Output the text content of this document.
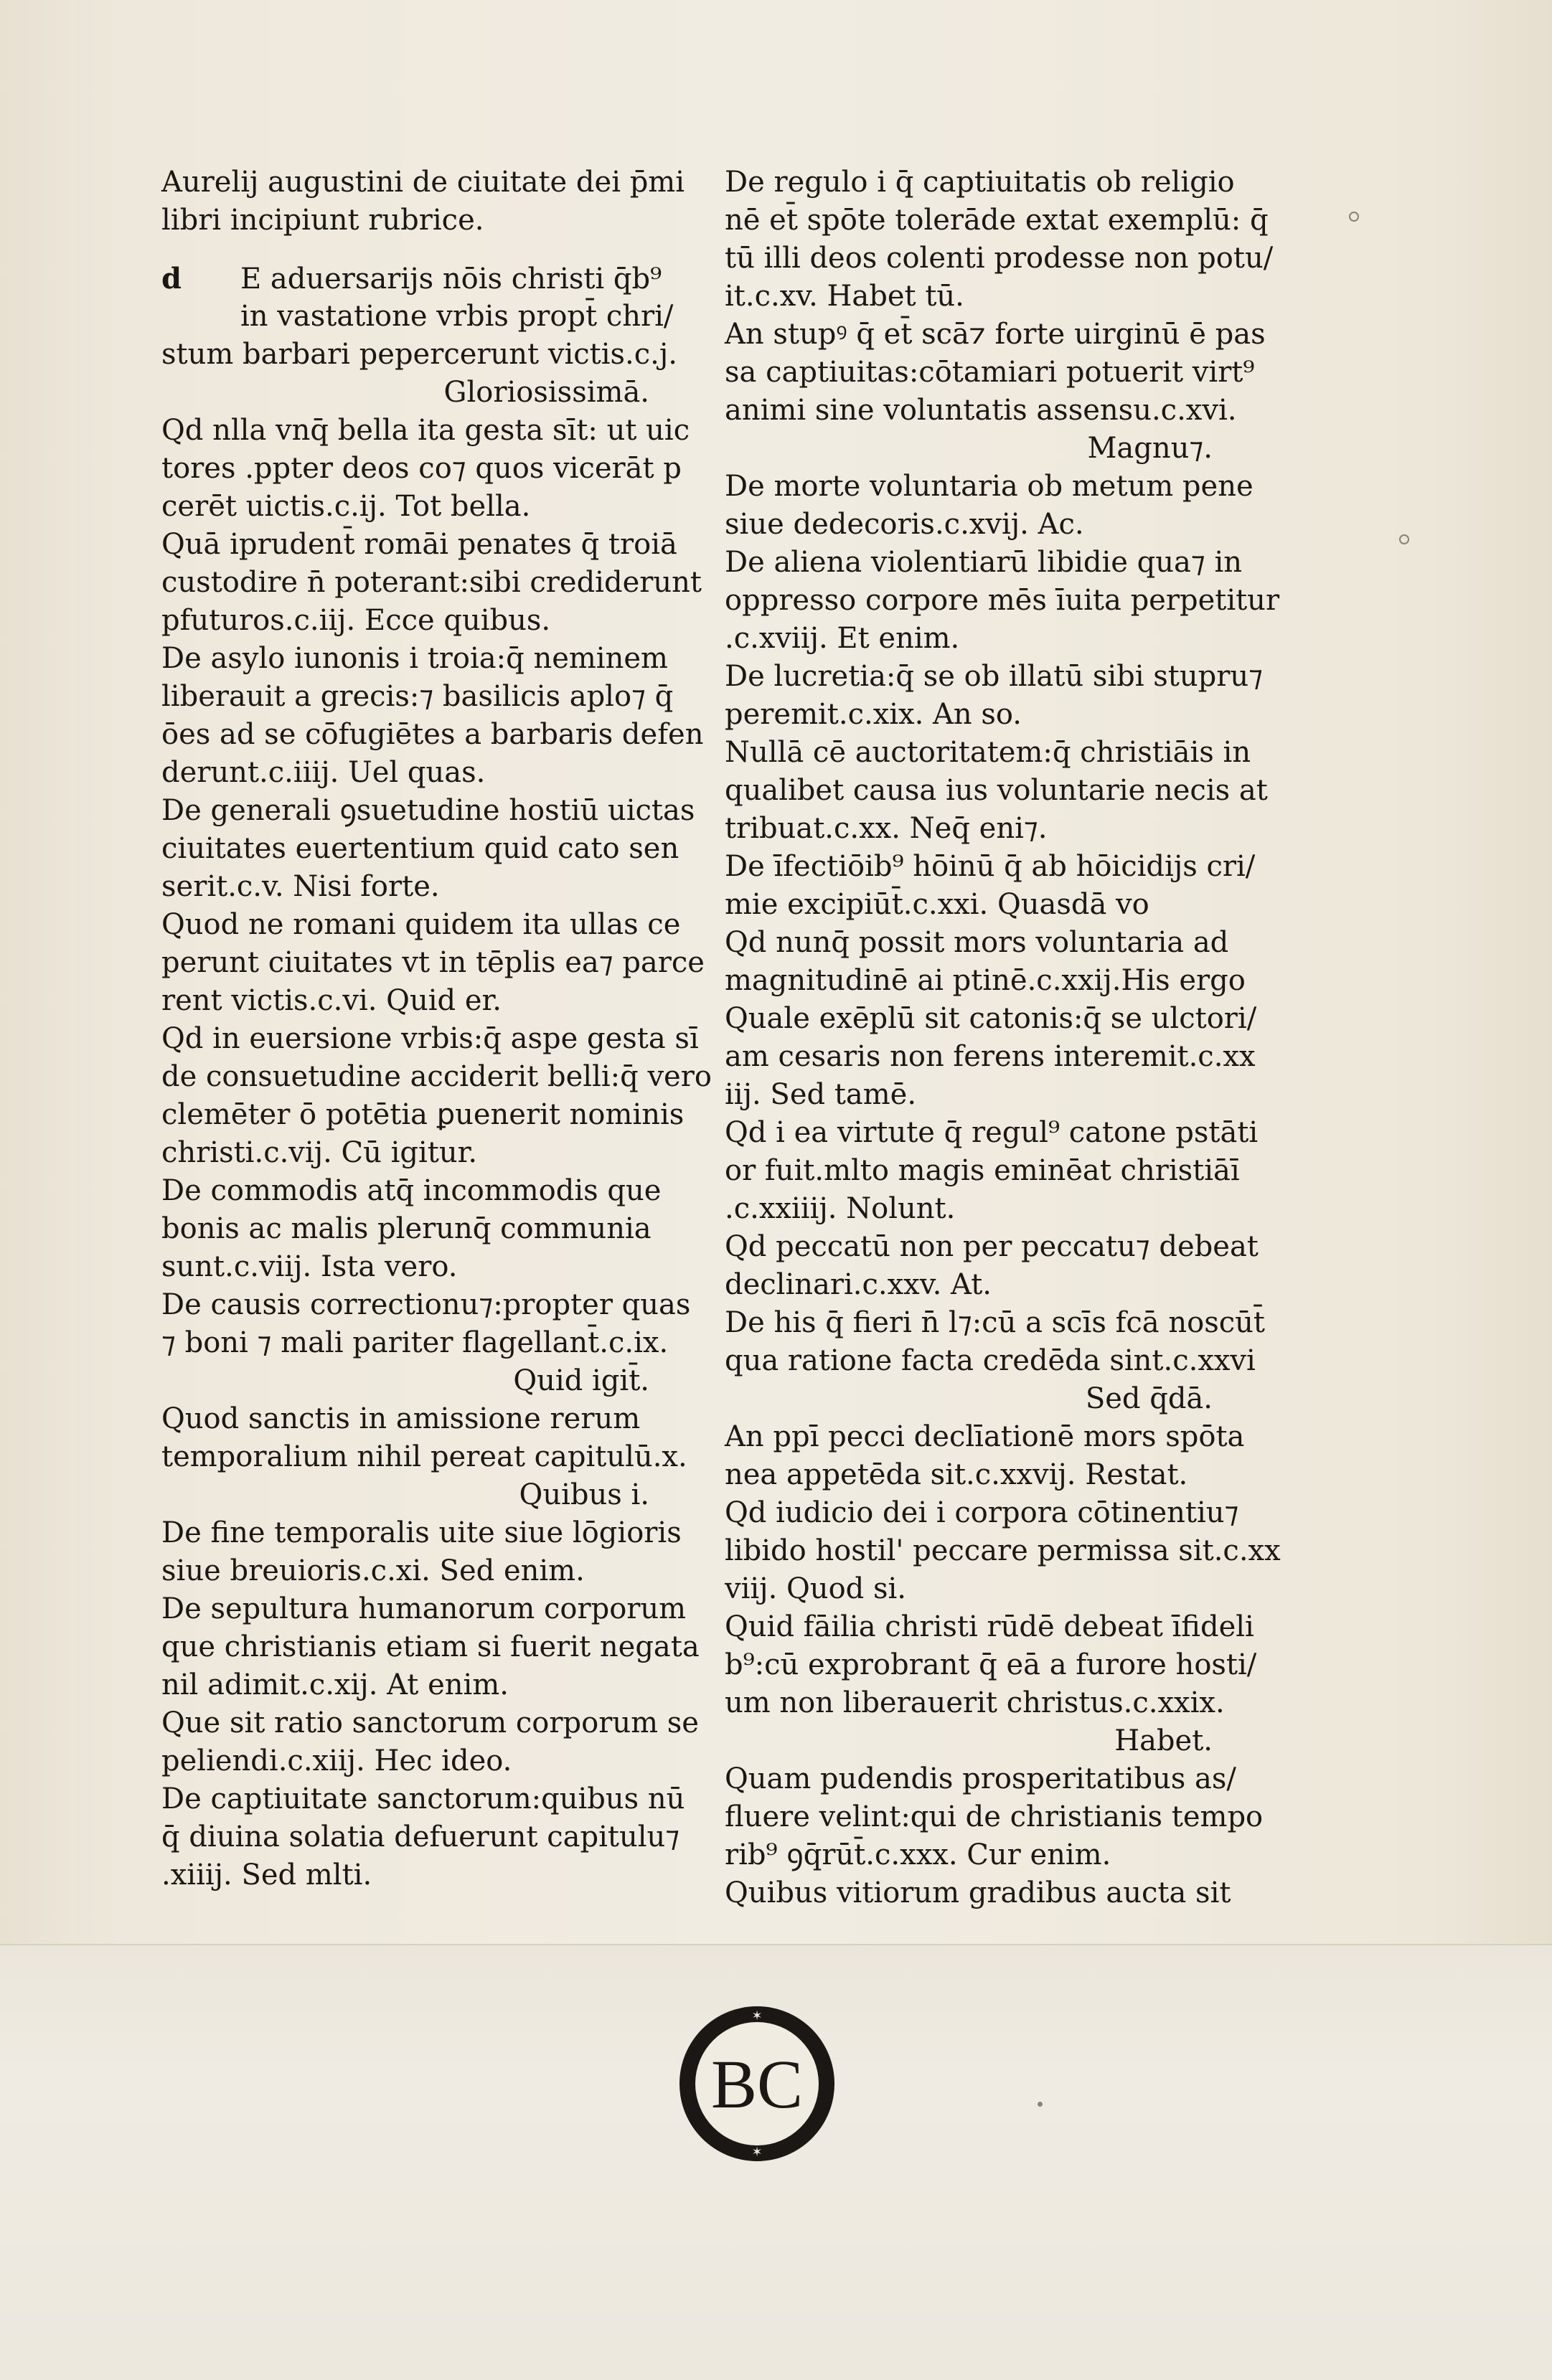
Aurelij augustini de ciuitate dei p̄mi
libri incipiunt rubrice.
d E aduersarijs nōis christi q̄b⁹
in vastatione vrbis propt̄ chri/
stum barbari pepercerunt victis.c.j.
Gloriosissimā.
Qd nlla vnq̄ bella ita gesta sīt: ut uic
tores .ppter deos co⁊ quos vicerāt p
cerēt uictis.c.ij. Tot bella.
Quā iprudent̄ romāi penates q̄ troiā
custodire n̄ poterant:sibi crediderunt
pfuturos.c.iij. Ecce quibus.
De asylo iunonis i troia:q̄ neminem
liberauit a grecis:⁊ basilicis aplo⁊ q̄
ōes ad se cōfugiētes a barbaris defen
derunt.c.iiij. Uel quas.
De generali ꝯsuetudine hostiū uictas
ciuitates euertentium quid cato sen
serit.c.v. Nisi forte.
Quod ne romani quidem ita ullas ce
perunt ciuitates vt in tēplis ea⁊ parce
rent victis.c.vi. Quid er.
Qd in euersione vrbis:q̄ aspe gesta sī
de consuetudine acciderit belli:q̄ vero
clemēter ō potētia ꝑuenerit nominis
christi.c.vij. Cū igitur.
De commodis atq̄ incommodis que
bonis ac malis plerunq̄ communia
sunt.c.viij. Ista vero.
De causis correctionu⁊:propter quas
⁊ boni ⁊ mali pariter flagellant̄.c.ix.
Quid igit̄.
Quod sanctis in amissione rerum
temporalium nihil pereat capitulū.x.
Quibus i.
De fine temporalis uite siue lōgioris
siue breuioris.c.xi. Sed enim.
De sepultura humanorum corporum
que christianis etiam si fuerit negata
nil adimit.c.xij. At enim.
Que sit ratio sanctorum corporum se
peliendi.c.xiij. Hec ideo.
De captiuitate sanctorum:quibus nū
q̄ diuina solatia defuerunt capitulu⁊
.xiiij. Sed mlti.
De regulo i q̄ captiuitatis ob religio
nē et̄ spōte tolerāde extat exemplū: q̄
tū illi deos colenti prodesse non potu/
it.c.xv. Habet tū.
An stupꝰ q̄ et̄ scā⁊ forte uirginū ē pas
sa captiuitas:cōtamiari potuerit virt⁹
animi sine voluntatis assensu.c.xvi.
Magnu⁊.
De morte voluntaria ob metum pene
siue dedecoris.c.xvij. Ac.
De aliena violentiarū libidie qua⁊ in
oppresso corpore mēs īuita perpetitur
.c.xviij. Et enim.
De lucretia:q̄ se ob illatū sibi stupru⁊
peremit.c.xix. An so.
Nullā cē auctoritatem:q̄ christiāis in
qualibet causa ius voluntarie necis at
tribuat.c.xx. Neq̄ eni⁊.
De īfectiōib⁹ hōinū q̄ ab hōicidijs cri/
mie excipiūt̄.c.xxi. Quasdā vo
Qd nunq̄ possit mors voluntaria ad
magnitudinē ai ptinē.c.xxij.His ergo
Quale exēplū sit catonis:q̄ se ulctori/
am cesaris non ferens interemit.c.xx
iij. Sed tamē.
Qd i ea virtute q̄ regul⁹ catone pstāti
or fuit.mlto magis eminēat christiāī
.c.xxiiij. Nolunt.
Qd peccatū non per peccatu⁊ debeat
declinari.c.xxv. At.
De his q̄ fieri n̄ l⁊:cū a scīs fcā noscūt̄
qua ratione facta credēda sint.c.xxvi
Sed q̄dā.
An ppī pecci declīationē mors spōta
nea appetēda sit.c.xxvij. Restat.
Qd iudicio dei i corpora cōtinentiu⁊
libido hostil' peccare permissa sit.c.xx
viij. Quod si.
Quid fāilia christi rūdē debeat īfideli
b⁹:cū exprobrant q̄ eā a furore hosti/
um non liberauerit christus.c.xxix.
Habet.
Quam pudendis prosperitatibus as/
fluere velint:qui de christianis tempo
rib⁹ ꝯq̄rūt̄.c.xxx. Cur enim.
Quibus vitiorum gradibus aucta sit
✶
✶
BC
